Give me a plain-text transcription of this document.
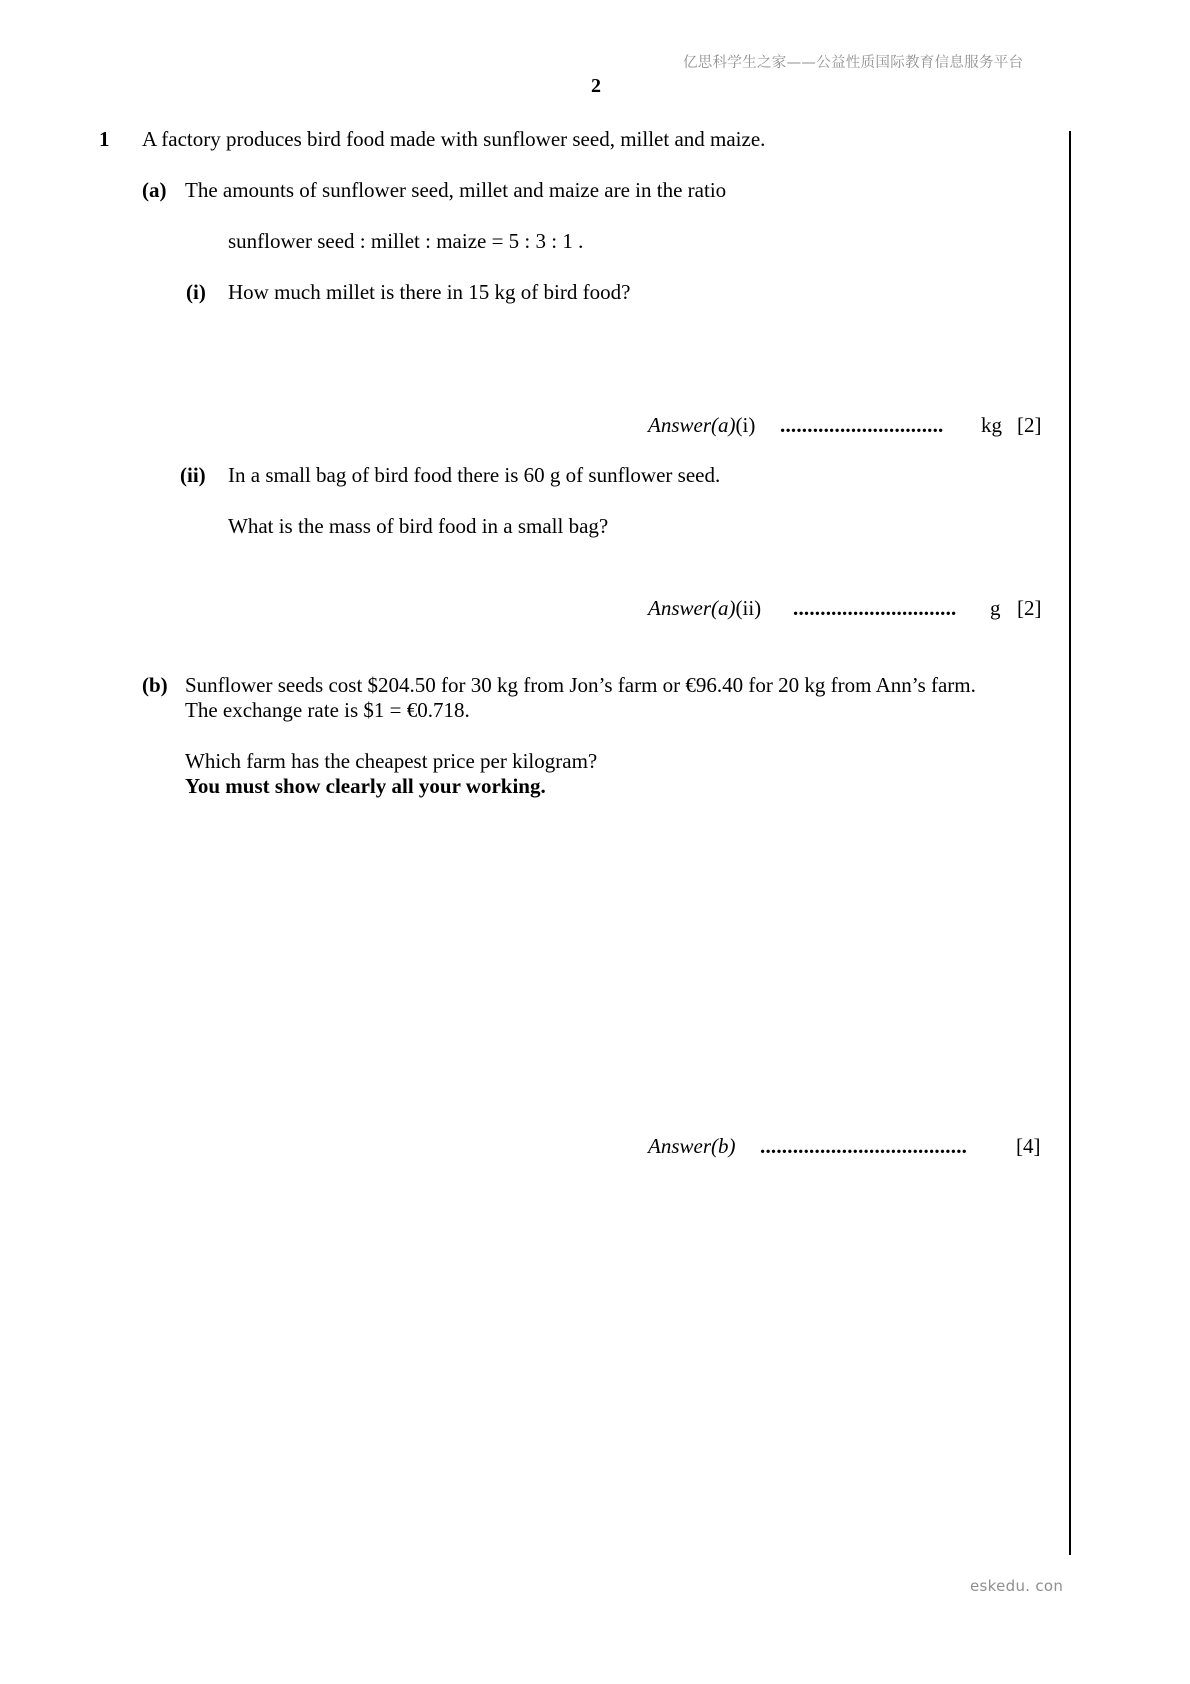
亿思科学生之家——公益性质国际教育信息服务平台
2
1 A factory produces bird food made with sunflower seed, millet and maize.
(a) The amounts of sunflower seed, millet and maize are in the ratio
sunflower seed : millet : maize = 5 : 3 : 1 .
(i) How much millet is there in 15 kg of bird food?
Answer(a)(i) .............................. kg [2]
(ii) In a small bag of bird food there is 60 g of sunflower seed.
What is the mass of bird food in a small bag?
Answer(a)(ii) .............................. g [2]
(b) Sunflower seeds cost $204.50 for 30 kg from Jon’s farm or €96.40 for 20 kg from Ann’s farm.
The exchange rate is $1 = €0.718.
Which farm has the cheapest price per kilogram?
You must show clearly all your working.
Answer(b) ...................................... [4]
eskedu. con
